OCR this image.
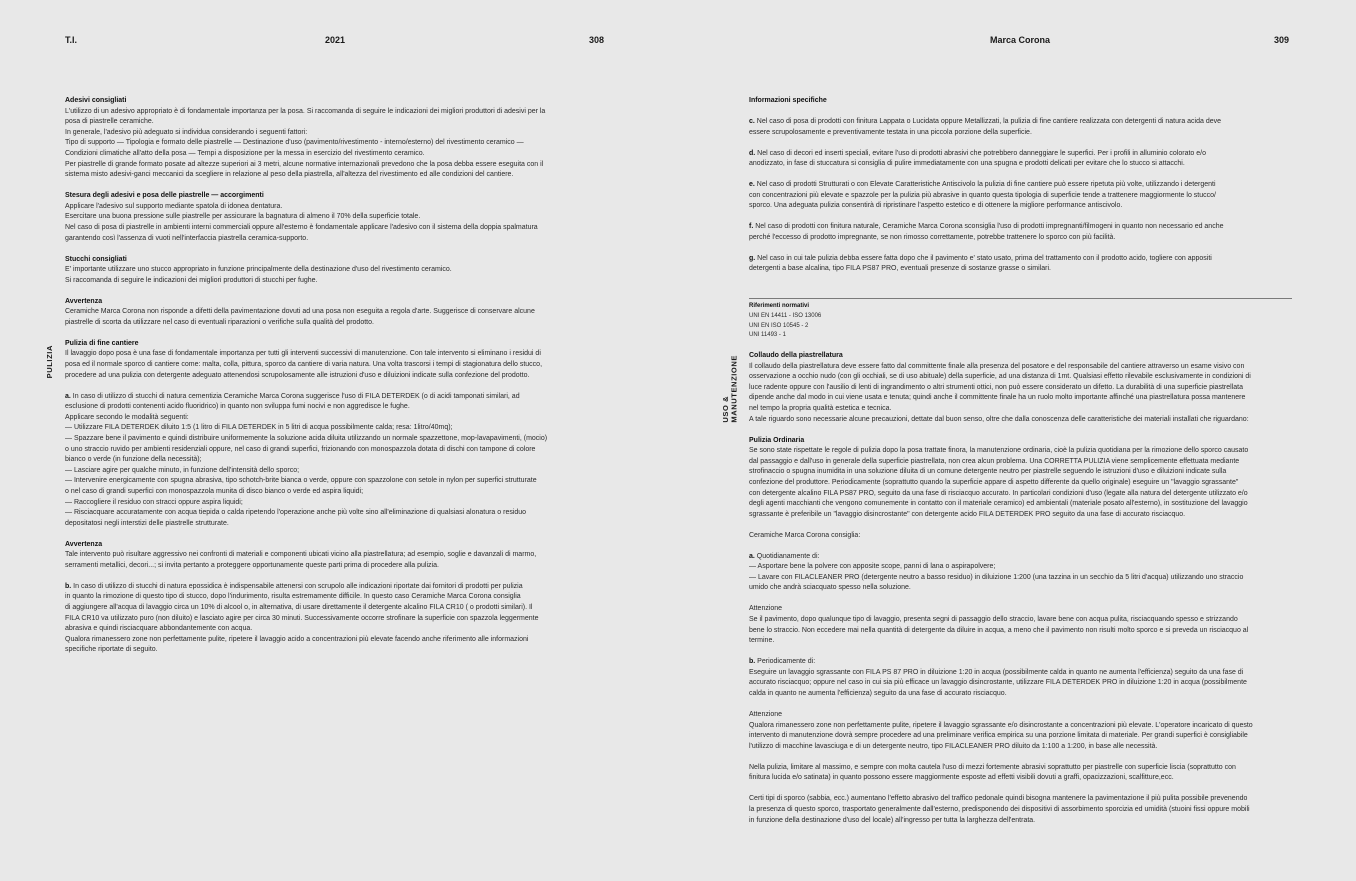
T.I.	2021	308
PULIZIA
Adesivi consigliati
L'utilizzo di un adesivo appropriato è di fondamentale importanza per la posa. Si raccomanda di seguire le indicazioni dei migliori produttori di adesivi per la
posa di piastrelle ceramiche.
In generale, l'adesivo più adeguato si individua considerando i seguenti fattori:
Tipo di supporto — Tipologia e formato delle piastrelle — Destinazione d'uso (pavimento/rivestimento - interno/esterno) del rivestimento ceramico —
Condizioni climatiche all'atto della posa — Tempi a disposizione per la messa in esercizio del rivestimento ceramico.
Per piastrelle di grande formato posate ad altezze superiori ai 3 metri, alcune normative internazionali prevedono che la posa debba essere eseguita con il
sistema misto adesivi-ganci meccanici da scegliere in relazione al peso della piastrella, all'altezza del rivestimento ed alle condizioni del cantiere.
Stesura degli adesivi e posa delle piastrelle — accorgimenti
Applicare l'adesivo sul supporto mediante spatola di idonea dentatura.
Esercitare una buona pressione sulle piastrelle per assicurare la bagnatura di almeno il 70% della superficie totale.
Nel caso di posa di piastrelle in ambienti interni commerciali oppure all'esterno è fondamentale applicare l'adesivo con il sistema della doppia spalmatura
garantendo così l'assenza di vuoti nell'interfaccia piastrella ceramica-supporto.
Stucchi consigliati
E' importante utilizzare uno stucco appropriato in funzione principalmente della destinazione d'uso del rivestimento ceramico.
Si raccomanda di seguire le indicazioni dei migliori produttori di stucchi per fughe.
Avvertenza
Ceramiche Marca Corona non risponde a difetti della pavimentazione dovuti ad una posa non eseguita a regola d'arte. Suggerisce di conservare alcune
piastrelle di scorta da utilizzare nel caso di eventuali riparazioni o verifiche sulla qualità del prodotto.
Pulizia di fine cantiere
Il lavaggio dopo posa è una fase di fondamentale importanza per tutti gli interventi successivi di manutenzione. Con tale intervento si eliminano i residui di
posa ed il normale sporco di cantiere come: malta, colla, pittura, sporco da cantiere di varia natura. Una volta trascorsi i tempi di stagionatura dello stucco,
procedere ad una pulizia con detergente adeguato attenendosi scrupolosamente alle istruzioni d'uso e diluizioni indicate sulla confezione del prodotto.
a. In caso di utilizzo di stucchi di natura cementizia Ceramiche Marca Corona suggerisce l'uso di FILA DETERDEK (o di acidi tamponati similari, ad
esclusione di prodotti contenenti acido fluoridrico) in quanto non sviluppa fumi nocivi e non aggredisce le fughe.
Applicare secondo le modalità seguenti:
— Utilizzare FILA DETERDEK diluito 1:5 (1 litro di FILA DETERDEK in 5 litri di acqua possibilmente calda; resa: 1litro/40mq);
— Spazzare bene il pavimento e quindi distribuire uniformemente la soluzione acida diluita utilizzando un normale spazzettone, mop-lavapavimenti, (mocio)
o uno straccio ruvido per ambienti residenziali oppure, nel caso di grandi superfici, frizionando con monospazzola dotata di dischi con tampone di colore
bianco o verde (in funzione della necessità);
— Lasciare agire per qualche minuto, in funzione dell'intensità dello sporco;
— Intervenire energicamente con spugna abrasiva, tipo schotch-brite bianca o verde, oppure con spazzolone con setole in nylon per superfici strutturate
o nel caso di grandi superfici con monospazzola munita di disco bianco o verde ed aspira liquidi;
— Raccogliere il residuo con stracci oppure aspira liquidi;
— Risciacquare accuratamente con acqua tiepida o calda ripetendo l'operazione anche più volte sino all'eliminazione di qualsiasi alonatura o residuo
depositatosi negli interstizi delle piastrelle strutturate.
Avvertenza
Tale intervento può risultare aggressivo nei confronti di materiali e componenti ubicati vicino alla piastrellatura; ad esempio, soglie e davanzali di marmo,
serramenti metallici, decori...; si invita pertanto a proteggere opportunamente queste parti prima di procedere alla pulizia.
b. In caso di utilizzo di stucchi di natura epossidica è indispensabile attenersi con scrupolo alle indicazioni riportate dai fornitori di prodotti per pulizia
in quanto la rimozione di questo tipo di stucco, dopo l'indurimento, risulta estremamente difficile. In questo caso Ceramiche Marca Corona consiglia
di aggiungere all'acqua di lavaggio circa un 10% di alcool o, in alternativa, di usare direttamente il detergente alcalino FILA CR10 ( o prodotti similari). Il
FILA CR10 va utilizzato puro (non diluito) e lasciato agire per circa 30 minuti. Successivamente occorre strofinare la superficie con spazzola leggermente
abrasiva e quindi risciacquare abbondantemente con acqua.
Qualora rimanessero zone non perfettamente pulite, ripetere il lavaggio acido a concentrazioni più elevate facendo anche riferimento alle informazioni
specifiche riportate di seguito.
Marca Corona	309
Informazioni specifiche
c. Nel caso di posa di prodotti con finitura Lappata o Lucidata oppure Metallizzati, la pulizia di fine cantiere realizzata con detergenti di natura acida deve
essere scrupolosamente e preventivamente testata in una piccola porzione della superficie.
d. Nel caso di decori ed inserti speciali, evitare l'uso di prodotti abrasivi che potrebbero danneggiare le superfici. Per i profili in alluminio colorato e/o
anodizzato, in fase di stuccatura si consiglia di pulire immediatamente con una spugna e prodotti delicati per evitare che lo stucco si attacchi.
e. Nel caso di prodotti Strutturati o con Elevate Caratteristiche Antiscivolo la pulizia di fine cantiere può essere ripetuta più volte, utilizzando i detergenti
con concentrazioni più elevate e spazzole per la pulizia più abrasive in quanto questa tipologia di superficie tende a trattenere maggiormente lo stucco/
sporco. Una adeguata pulizia consentirà di ripristinare l'aspetto estetico e di ottenere la migliore performance antiscivolo.
f. Nel caso di prodotti con finitura naturale, Ceramiche Marca Corona sconsiglia l'uso di prodotti impregnanti/filmogeni in quanto non necessario ed anche
perché l'eccesso di prodotto impregnante, se non rimosso correttamente, potrebbe trattenere lo sporco con più facilità.
g. Nel caso in cui tale pulizia debba essere fatta dopo che il pavimento e' stato usato, prima del trattamento con il prodotto acido, togliere con appositi
detergenti a base alcalina, tipo FILA PS87 PRO, eventuali presenze di sostanze grasse o similari.
Riferimenti normativi
UNI EN 14411 - ISO 13006
UNI EN ISO 10545 - 2
UNI 11493 - 1
USO &
MANUTENZIONE Collaudo della piastrellatura
Il collaudo della piastrellatura deve essere fatto dal committente finale alla presenza del posatore e del responsabile del cantiere attraverso un esame visivo con
osservazione a occhio nudo (con gli occhiali, se di uso abituale) della superficie, ad una distanza di 1mt. Qualsiasi effetto rilevabile esclusivamente in condizioni di
luce radente oppure con l'ausilio di lenti di ingrandimento o altri strumenti ottici, non può essere considerato un difetto. La durabilità di una superficie piastrellata
dipende anche dal modo in cui viene usata e tenuta; quindi anche il committente finale ha un ruolo molto importante affinché una piastrellatura possa mantenere
nel tempo la propria qualità estetica e tecnica.
A tale riguardo sono necessarie alcune precauzioni, dettate dal buon senso, oltre che dalla conoscenza delle caratteristiche dei materiali installati che riguardano:
Pulizia Ordinaria
Se sono state rispettate le regole di pulizia dopo la posa trattate finora, la manutenzione ordinaria, cioè la pulizia quotidiana per la rimozione dello sporco causato
dal passaggio e dall'uso in generale della superficie piastrellata, non crea alcun problema. Una CORRETTA PULIZIA viene semplicemente effettuata mediante
strofinaccio o spugna inumidita in una soluzione diluita di un comune detergente neutro per piastrelle seguendo le istruzioni d'uso e diluizioni indicate sulla
confezione del produttore. Periodicamente (soprattutto quando la superficie appare di aspetto differente da quello originale) eseguire un "lavaggio sgrassante"
con detergente alcalino FILA PS87 PRO, seguito da una fase di risciacquo accurato. In particolari condizioni d'uso (legate alla natura del detergente utilizzato e/o
degli agenti macchianti che vengono comunemente in contatto con il materiale ceramico) ed ambientali (materiale posato all'esterno), in sostituzione del lavaggio
sgrassante è preferibile un "lavaggio disincrostante" con detergente acido FILA DETERDEK PRO seguito da una fase di accurato risciacquo.
Ceramiche Marca Corona consiglia:
a. Quotidianamente di:
— Asportare bene la polvere con apposite scope, panni di lana o aspirapolvere;
— Lavare con FILACLEANER PRO (detergente neutro a basso residuo) in diluizione 1:200 (una tazzina in un secchio da 5 litri d'acqua) utilizzando uno straccio
umido che andrà sciacquato spesso nella soluzione.
Attenzione
Se il pavimento, dopo qualunque tipo di lavaggio, presenta segni di passaggio dello straccio, lavare bene con acqua pulita, risciacquando spesso e strizzando
bene lo straccio. Non eccedere mai nella quantità di detergente da diluire in acqua, a meno che il pavimento non risulti molto sporco e si preveda un risciacquo al
termine.
b. Periodicamente di:
Eseguire un lavaggio sgrassante con FILA PS 87 PRO in diluizione 1:20 in acqua (possibilmente calda in quanto ne aumenta l'efficienza) seguito da una fase di
accurato risciacquo; oppure nel caso in cui sia più efficace un lavaggio disincrostante, utilizzare FILA DETERDEK PRO in diluizione 1:20 in acqua (possibilmente
calda in quanto ne aumenta l'efficienza) seguito da una fase di accurato risciacquo.
Attenzione
Qualora rimanessero zone non perfettamente pulite, ripetere il lavaggio sgrassante e/o disincrostante a concentrazioni più elevate. L'operatore incaricato di questo
intervento di manutenzione dovrà sempre procedere ad una preliminare verifica empirica su una porzione limitata di materiale. Per grandi superfici è consigliabile
l'utilizzo di macchine lavasciuga e di un detergente neutro, tipo FILACLEANER PRO diluito da 1:100 a 1:200, in base alle necessità.
Nella pulizia, limitare al massimo, e sempre con molta cautela l'uso di mezzi fortemente abrasivi soprattutto per piastrelle con superficie liscia (soprattutto con
finitura lucida e/o satinata) in quanto possono essere maggiormente esposte ad effetti visibili dovuti a graffi, opacizzazioni, scalfitture,ecc.
Certi tipi di sporco (sabbia, ecc.) aumentano l'effetto abrasivo del traffico pedonale quindi bisogna mantenere la pavimentazione il più pulita possibile prevenendo
la presenza di questo sporco, trasportato generalmente dall'esterno, predisponendo dei dispositivi di assorbimento sporcizia ed umidità (stuoini fissi oppure mobili
in funzione della destinazione d'uso del locale) all'ingresso per tutta la larghezza dell'entrata.
